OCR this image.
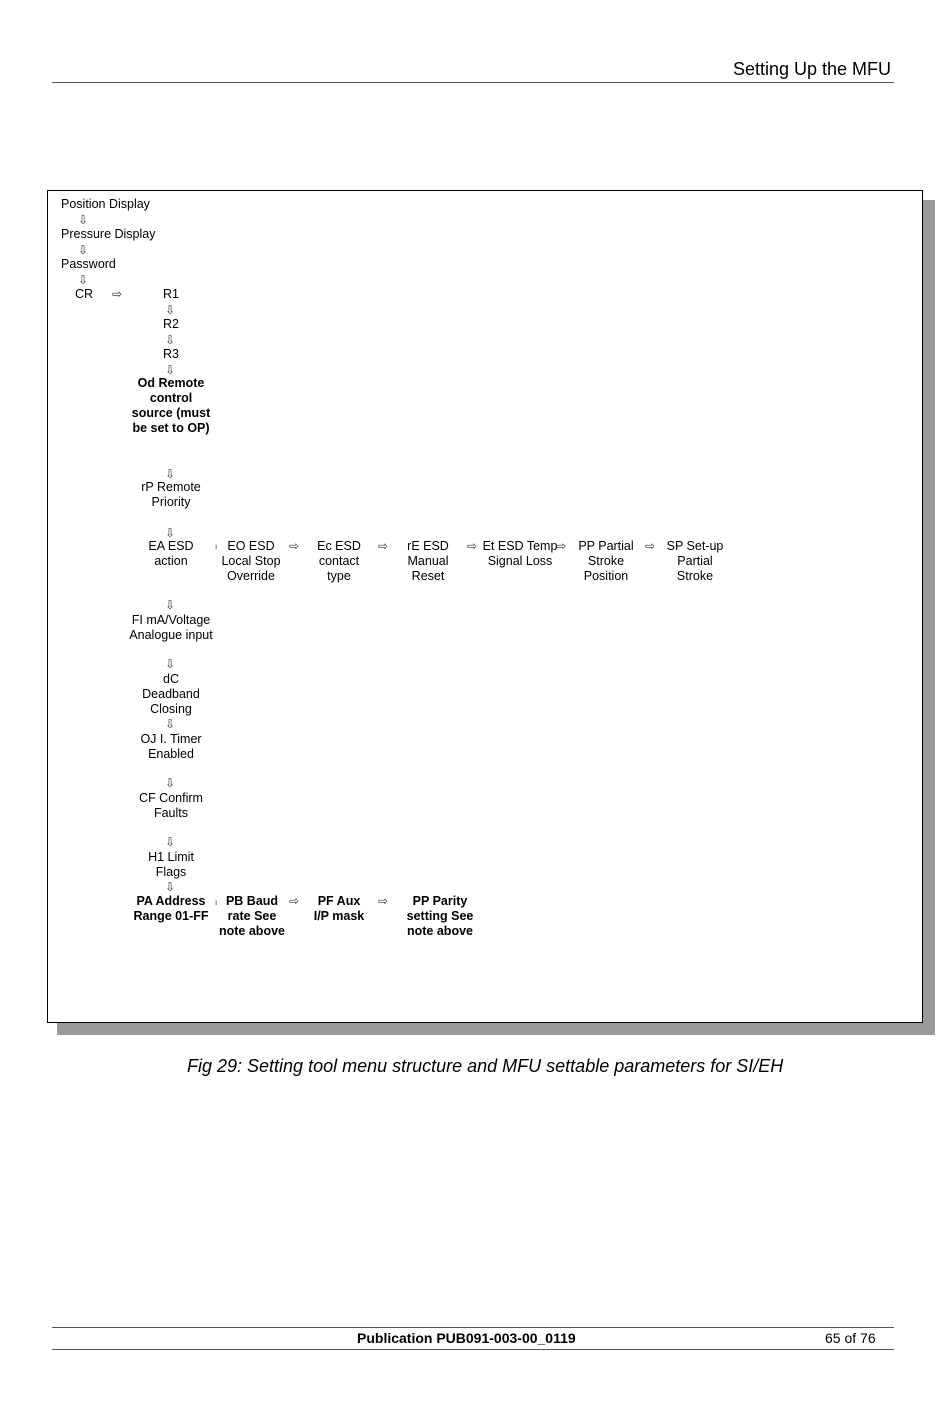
Setting Up the MFU
Position Display
⇩
Pressure Display
⇩
Password
⇩
CR ⇨	R1
⇩
R2
⇩
R3
⇩
Od Remote control source (must be set to OP)
⇩
rP Remote Priority
⇩
EA ESD action
ı EO ESD Local Stop Override
⇨	Ec ESD contact type
⇨	rE ESD Manual Reset
⇨ Et ESD Temp Signal Loss
⇨ PP Partial Stroke Position
⇨ SP Set-up Partial Stroke
⇩
FI mA/Voltage Analogue input
⇩
dC Deadband Closing
⇩
OJ I. Timer Enabled
⇩
CF Confirm Faults
⇩
H1 Limit Flags
⇩
PA Address Range 01-FF
ı PB Baud rate See note above
⇨	PF Aux I/P mask
⇨	PP Parity setting See note above
Fig 29: Setting tool menu structure and MFU settable parameters for SI/EH
Publication PUB091-003-00_0119	65 of 76
